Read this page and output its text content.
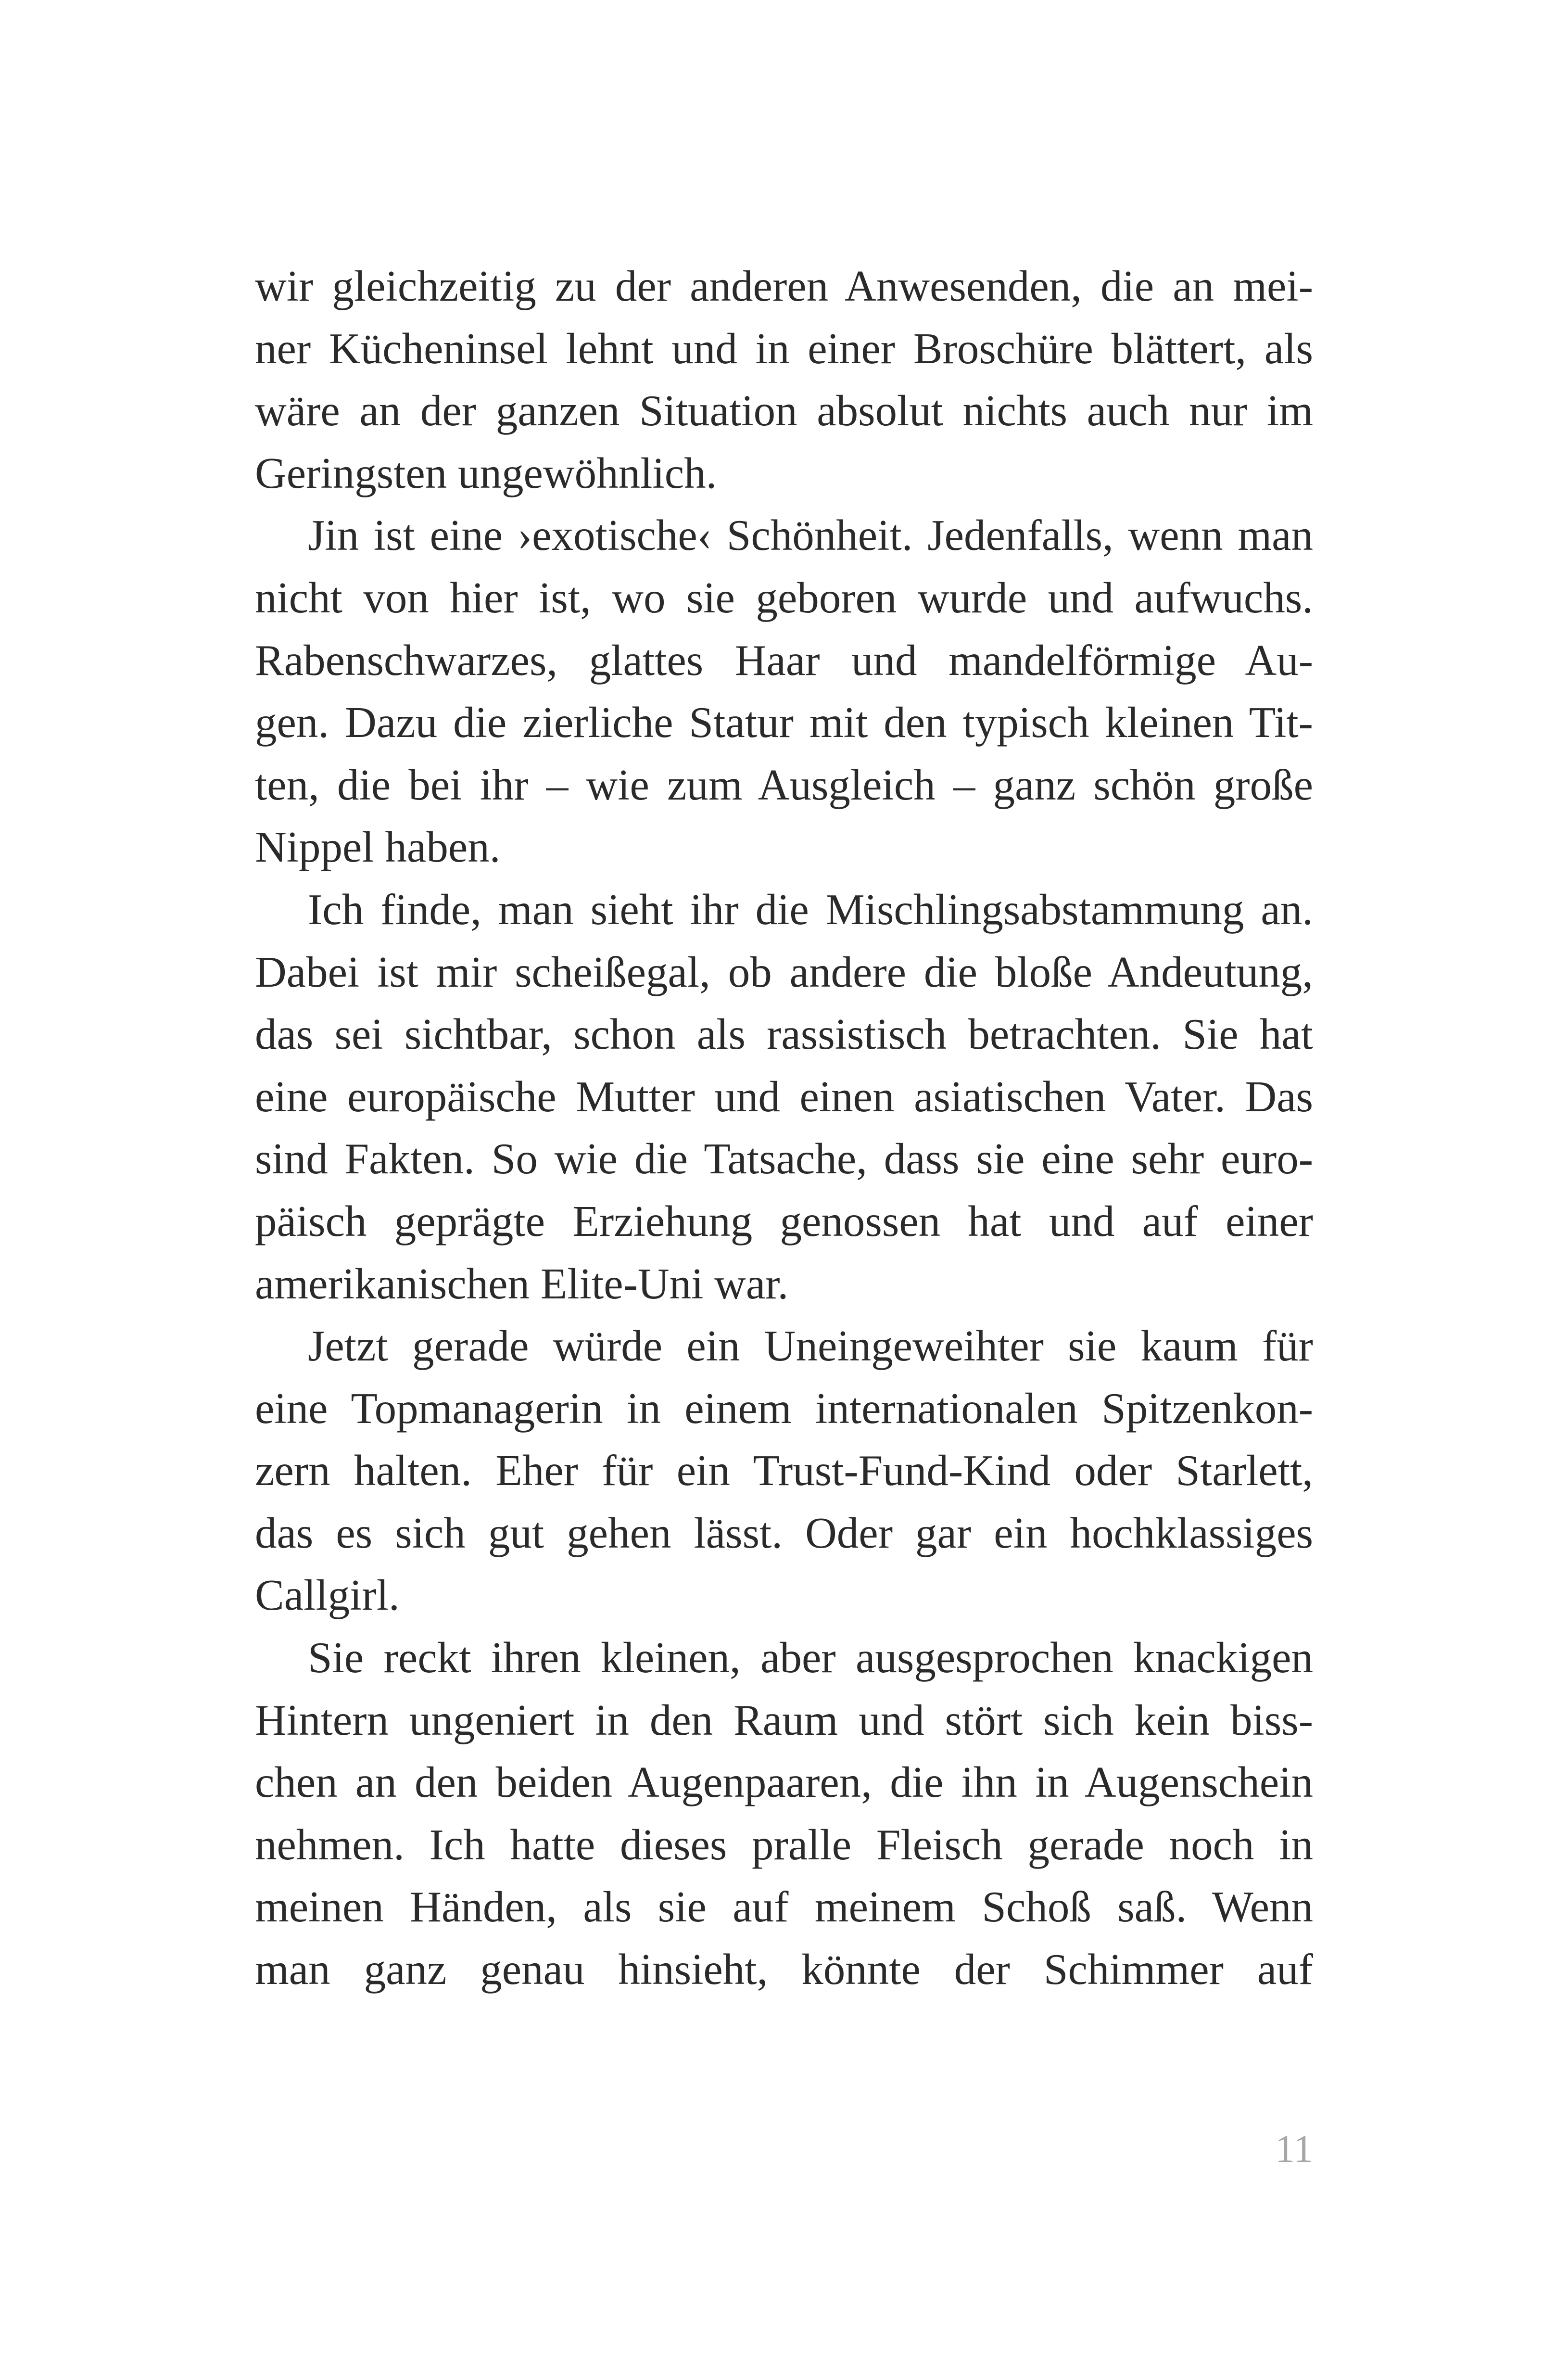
wir gleichzeitig zu der anderen Anwesenden, die an mei-
ner Kücheninsel lehnt und in einer Broschüre blättert, als
wäre an der ganzen Situation absolut nichts auch nur im
Geringsten ungewöhnlich.
Jin ist eine ›exotische‹ Schönheit. Jedenfalls, wenn man
nicht von hier ist, wo sie geboren wurde und aufwuchs.
Rabenschwarzes, glattes Haar und mandelförmige Au-
gen. Dazu die zierliche Statur mit den typisch kleinen Tit-
ten, die bei ihr – wie zum Ausgleich – ganz schön große
Nippel haben.
Ich finde, man sieht ihr die Mischlingsabstammung an.
Dabei ist mir scheißegal, ob andere die bloße Andeutung,
das sei sichtbar, schon als rassistisch betrachten. Sie hat
eine europäische Mutter und einen asiatischen Vater. Das
sind Fakten. So wie die Tatsache, dass sie eine sehr euro-
päisch geprägte Erziehung genossen hat und auf einer
amerikanischen Elite-Uni war.
Jetzt gerade würde ein Uneingeweihter sie kaum für
eine Topmanagerin in einem internationalen Spitzenkon-
zern halten. Eher für ein Trust-Fund-Kind oder Starlett,
das es sich gut gehen lässt. Oder gar ein hochklassiges
Callgirl.
Sie reckt ihren kleinen, aber ausgesprochen knackigen
Hintern ungeniert in den Raum und stört sich kein biss-
chen an den beiden Augenpaaren, die ihn in Augenschein
nehmen. Ich hatte dieses pralle Fleisch gerade noch in
meinen Händen, als sie auf meinem Schoß saß. Wenn
man ganz genau hinsieht, könnte der Schimmer auf
11
